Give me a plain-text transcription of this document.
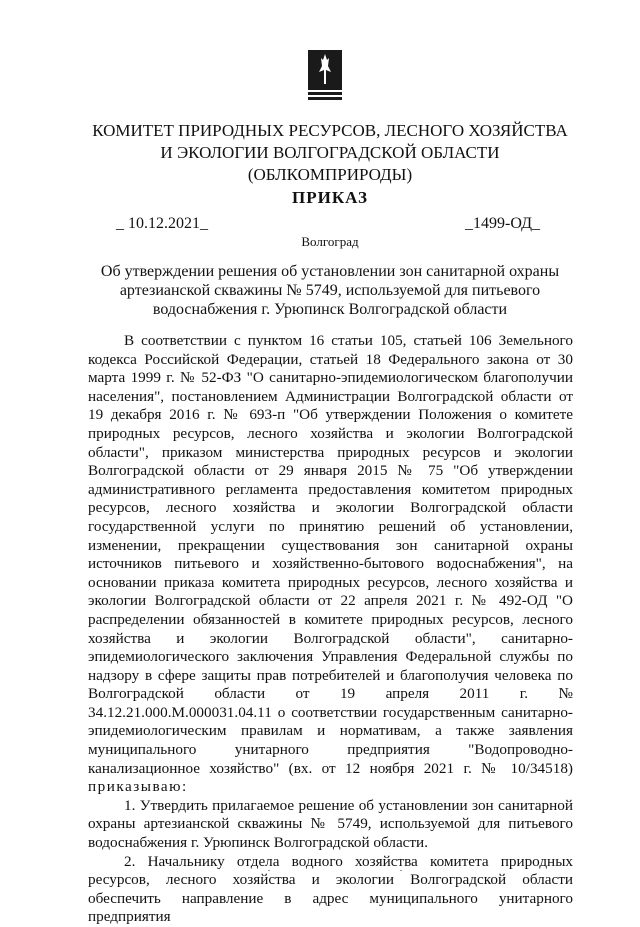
КОМИТЕТ ПРИРОДНЫХ РЕСУРСОВ, ЛЕСНОГО ХОЗЯЙСТВА
И ЭКОЛОГИИ ВОЛГОГРАДСКОЙ ОБЛАСТИ
(ОБЛКОМПРИРОДЫ)
ПРИКАЗ
_ 10.12.2021_	_1499-ОД_
Волгоград
Об утверждении решения об установлении зон санитарной охраны
артезианской скважины № 5749, используемой для питьевого
водоснабжения г. Урюпинск Волгоградской области

В соответствии с пунктом 16 статьи 105, статьей 106 Земельного кодекса Российской Федерации, статьей 18 Федерального закона от 30 марта 1999 г. № 52-ФЗ "О санитарно-эпидемиологическом благополучии населения", постановлением Администрации Волгоградской области от 19 декабря 2016 г. № 693-п "Об утверждении Положения о комитете природных ресурсов, лесного хозяйства и экологии Волгоградской области", приказом министерства природных ресурсов и экологии Волгоградской области от 29 января 2015 № 75 "Об утверждении административного регламента предоставления комитетом природных ресурсов, лесного хозяйства и экологии Волгоградской области государственной услуги по принятию решений об установлении, изменении, прекращении существования зон санитарной охраны источников питьевого и хозяйственно-бытового водоснабжения", на основании приказа комитета природных ресурсов, лесного хозяйства и экологии Волгоградской области от 22 апреля 2021 г. № 492-ОД "О распределении обязанностей в комитете природных ресурсов, лесного хозяйства и экологии Волгоградской области", санитарно-эпидемиологического заключения Управления Федеральной службы по надзору в сфере защиты прав потребителей и благополучия человека по Волгоградской области от 19 апреля 2011 г. № 34.12.21.000.М.000031.04.11 о соответствии государственным санитарно-эпидемиологическим правилам и нормативам, а также заявления муниципального унитарного предприятия "Водопроводно-канализационное хозяйство" (вх. от 12 ноября 2021 г. № 10/34518) приказываю:

1. Утвердить прилагаемое решение об установлении зон санитарной охраны артезианской скважины № 5749, используемой для питьевого водоснабжения г. Урюпинск Волгоградской области.

2. Начальнику отдела водного хозяйства комитета природных ресурсов, лесного хозяйства и экологии Волгоградской области обеспечить направление в адрес муниципального унитарного предприятия
